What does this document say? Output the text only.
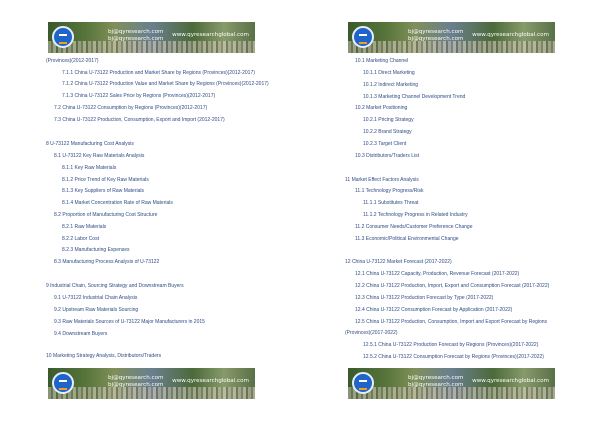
bj@qyresearch.com
bj@qyresearch.com
www.qyresearchglobal.com
(Provinces)(2012-2017)
7.1.1 China U-73122 Production and Market Share by Regions (Provinces)(2012-2017)
7.1.2 China U-73122 Production Value and Market Share by Regions (Provinces)(2012-2017)
7.1.3 China U-73122 Sales Price by Regions (Provinces)(2012-2017)
7.2 China U-73122 Consumption by Regions (Provinces)(2012-2017)
7.3 China U-73122 Production, Consumption, Export and Import (2012-2017)
8 U-73122 Manufacturing Cost Analysis
8.1 U-73122 Key Raw Materials Analysis
8.1.1 Key Raw Materials
8.1.2 Price Trend of Key Raw Materials
8.1.3 Key Suppliers of Raw Materials
8.1.4 Market Concentration Rate of Raw Materials
8.2 Proportion of Manufacturing Cost Structure
8.2.1 Raw Materials
8.2.2 Labor Cost
8.2.3 Manufacturing Expenses
8.3 Manufacturing Process Analysis of U-73122
9 Industrial Chain, Sourcing Strategy and Downstream Buyers
9.1 U-73122 Industrial Chain Analysis
9.2 Upstream Raw Materials Sourcing
9.3 Raw Materials Sources of U-73122 Major Manufacturers in 2015
9.4 Downstream Buyers
10 Marketing Strategy Analysis, Distributors/Traders
bj@qyresearch.com
bj@qyresearch.com
www.qyresearchglobal.com
bj@qyresearch.com
bj@qyresearch.com
www.qyresearchglobal.com
10.1 Marketing Channel
10.1.1 Direct Marketing
10.1.2 Indirect Marketing
10.1.3 Marketing Channel Development Trend
10.2 Market Positioning
10.2.1 Pricing Strategy
10.2.2 Brand Strategy
10.2.3 Target Client
10.3 Distributors/Traders List
11 Market Effect Factors Analysis
11.1 Technology Progress/Risk
11.1.1 Substitutes Threat
11.1.2 Technology Progress in Related Industry
11.2 Consumer Needs/Customer Preference Change
11.3 Economic/Political Environmental Change
12 China U-73122 Market Forecast (2017-2022)
12.1 China U-73122 Capacity, Production, Revenue Forecast (2017-2022)
12.2 China U-73122 Production, Import, Export and Consumption Forecast (2017-2022)
12.3 China U-73122 Production Forecast by Type (2017-2022)
12.4 China U-73122 Consumption Forecast by Application (2017-2022)
12.5 China U-73122 Production, Consumption, Import and Export Forecast by Regions
(Provinces)(2017-2022)
12.5.1 China U-73122 Production Forecast by Regions (Provinces)(2017-2022)
12.5.2 China U-73122 Consumption Forecast by Regions (Provinces)(2017-2022)
bj@qyresearch.com
bj@qyresearch.com
www.qyresearchglobal.com
